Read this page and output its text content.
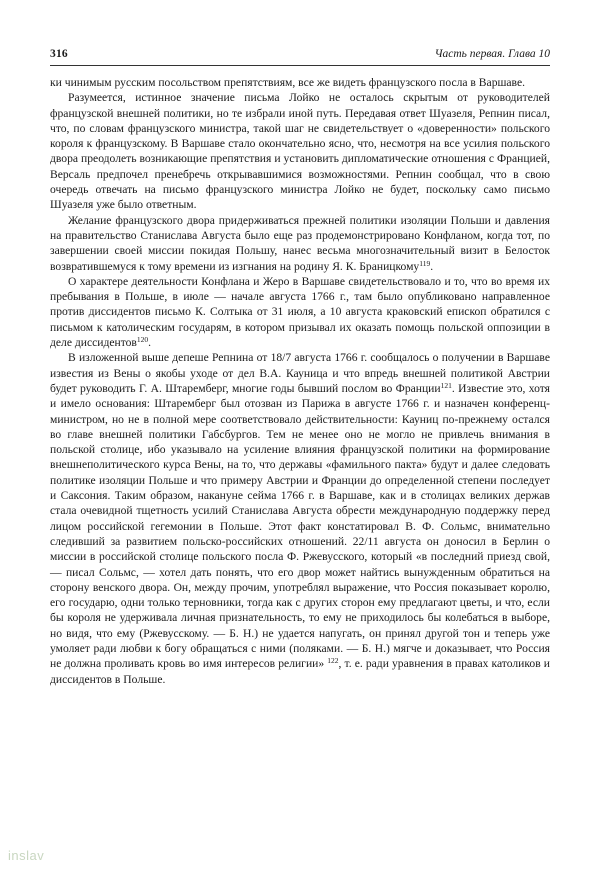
316	Часть первая. Глава 10

ки чинимым русским посольством препятствиям, все же видеть французского посла в Варшаве.

Разумеется, истинное значение письма Лойко не осталось скрытым от руководителей французской внешней политики, но те избрали иной путь. Передавая ответ Шуазеля, Репнин писал, что, по словам французского министра, такой шаг не свидетельствует о «доверенности» польского короля к французскому. В Варшаве стало окончательно ясно, что, несмотря на все усилия польского двора преодолеть возникающие препятствия и установить дипломатические отношения с Францией, Версаль предпочел пренебречь открывавшимися возможностями. Репнин сообщал, что в свою очередь отвечать на письмо французского министра Лойко не будет, поскольку само письмо Шуазеля уже было ответным.

Желание французского двора придерживаться прежней политики изоляции Польши и давления на правительство Станислава Августа было еще раз продемонстрировано Конфланом, когда тот, по завершении своей миссии покидая Польшу, нанес весьма многозначительный визит в Белосток возвратившемуся к тому времени из изгнания на родину Я. К. Браницкому$^{119}$.

О характере деятельности Конфлана и Жеро в Варшаве свидетельствовало и то, что во время их пребывания в Польше, в июле — начале августа 1766 г., там было опубликовано направленное против диссидентов письмо К. Солтыка от 31 июля, а 10 августа краковский епископ обратился с письмом к католическим государям, в котором призывал их оказать помощь польской оппозиции в деле диссидентов$^{120}$.

В изложенной выше депеше Репнина от 18/7 августа 1766 г. сообщалось о получении в Варшаве известия из Вены о якобы уходе от дел В.А. Кауница и что впредь внешней политикой Австрии будет руководить Г. А. Штаремберг, многие годы бывший послом во Франции$^{121}$. Известие это, хотя и имело основания: Штаремберг был отозван из Парижа в августе 1766 г. и назначен конференц-министром, но не в полной мере соответствовало действительности: Кауниц по-прежнему остался во главе внешней политики Габсбургов. Тем не менее оно не могло не привлечь внимания в польской столице, ибо указывало на усиление влияния французской политики на формирование внешнеполитического курса Вены, на то, что державы «фамильного пакта» будут и далее следовать политике изоляции Польше и что примеру Австрии и Франции до определенной степени последует и Саксония. Таким образом, накануне сейма 1766 г. в Варшаве, как и в столицах великих держав стала очевидной тщетность усилий Станислава Августа обрести международную поддержку перед лицом российской гегемонии в Польше. Этот факт констатировал В. Ф. Сольмс, внимательно следивший за развитием польско-российских отношений. 22/11 августа он доносил в Берлин о миссии в российской столице польского посла Ф. Ржевусского, который «в последний приезд свой, — писал Сольмс, — хотел дать понять, что его двор может найтись вынужденным обратиться на сторону венского двора. Он, между прочим, употреблял выражение, что Россия показывает королю, его государю, одни только терновники, тогда как с других сторон ему предлагают цветы, и что, если бы короля не удерживала личная признательность, то ему не приходилось бы колебаться в выборе, но видя, что ему (Ржевусскому. — Б. Н.) не удается напугать, он принял другой тон и теперь уже умоляет ради любви к богу обращаться с ними (поляками. — Б. Н.) мягче и доказывает, что Россия не должна проливать кровь во имя интересов религии» $^{122}$, т. е. ради уравнения в правах католиков и диссидентов в Польше.

inslav
